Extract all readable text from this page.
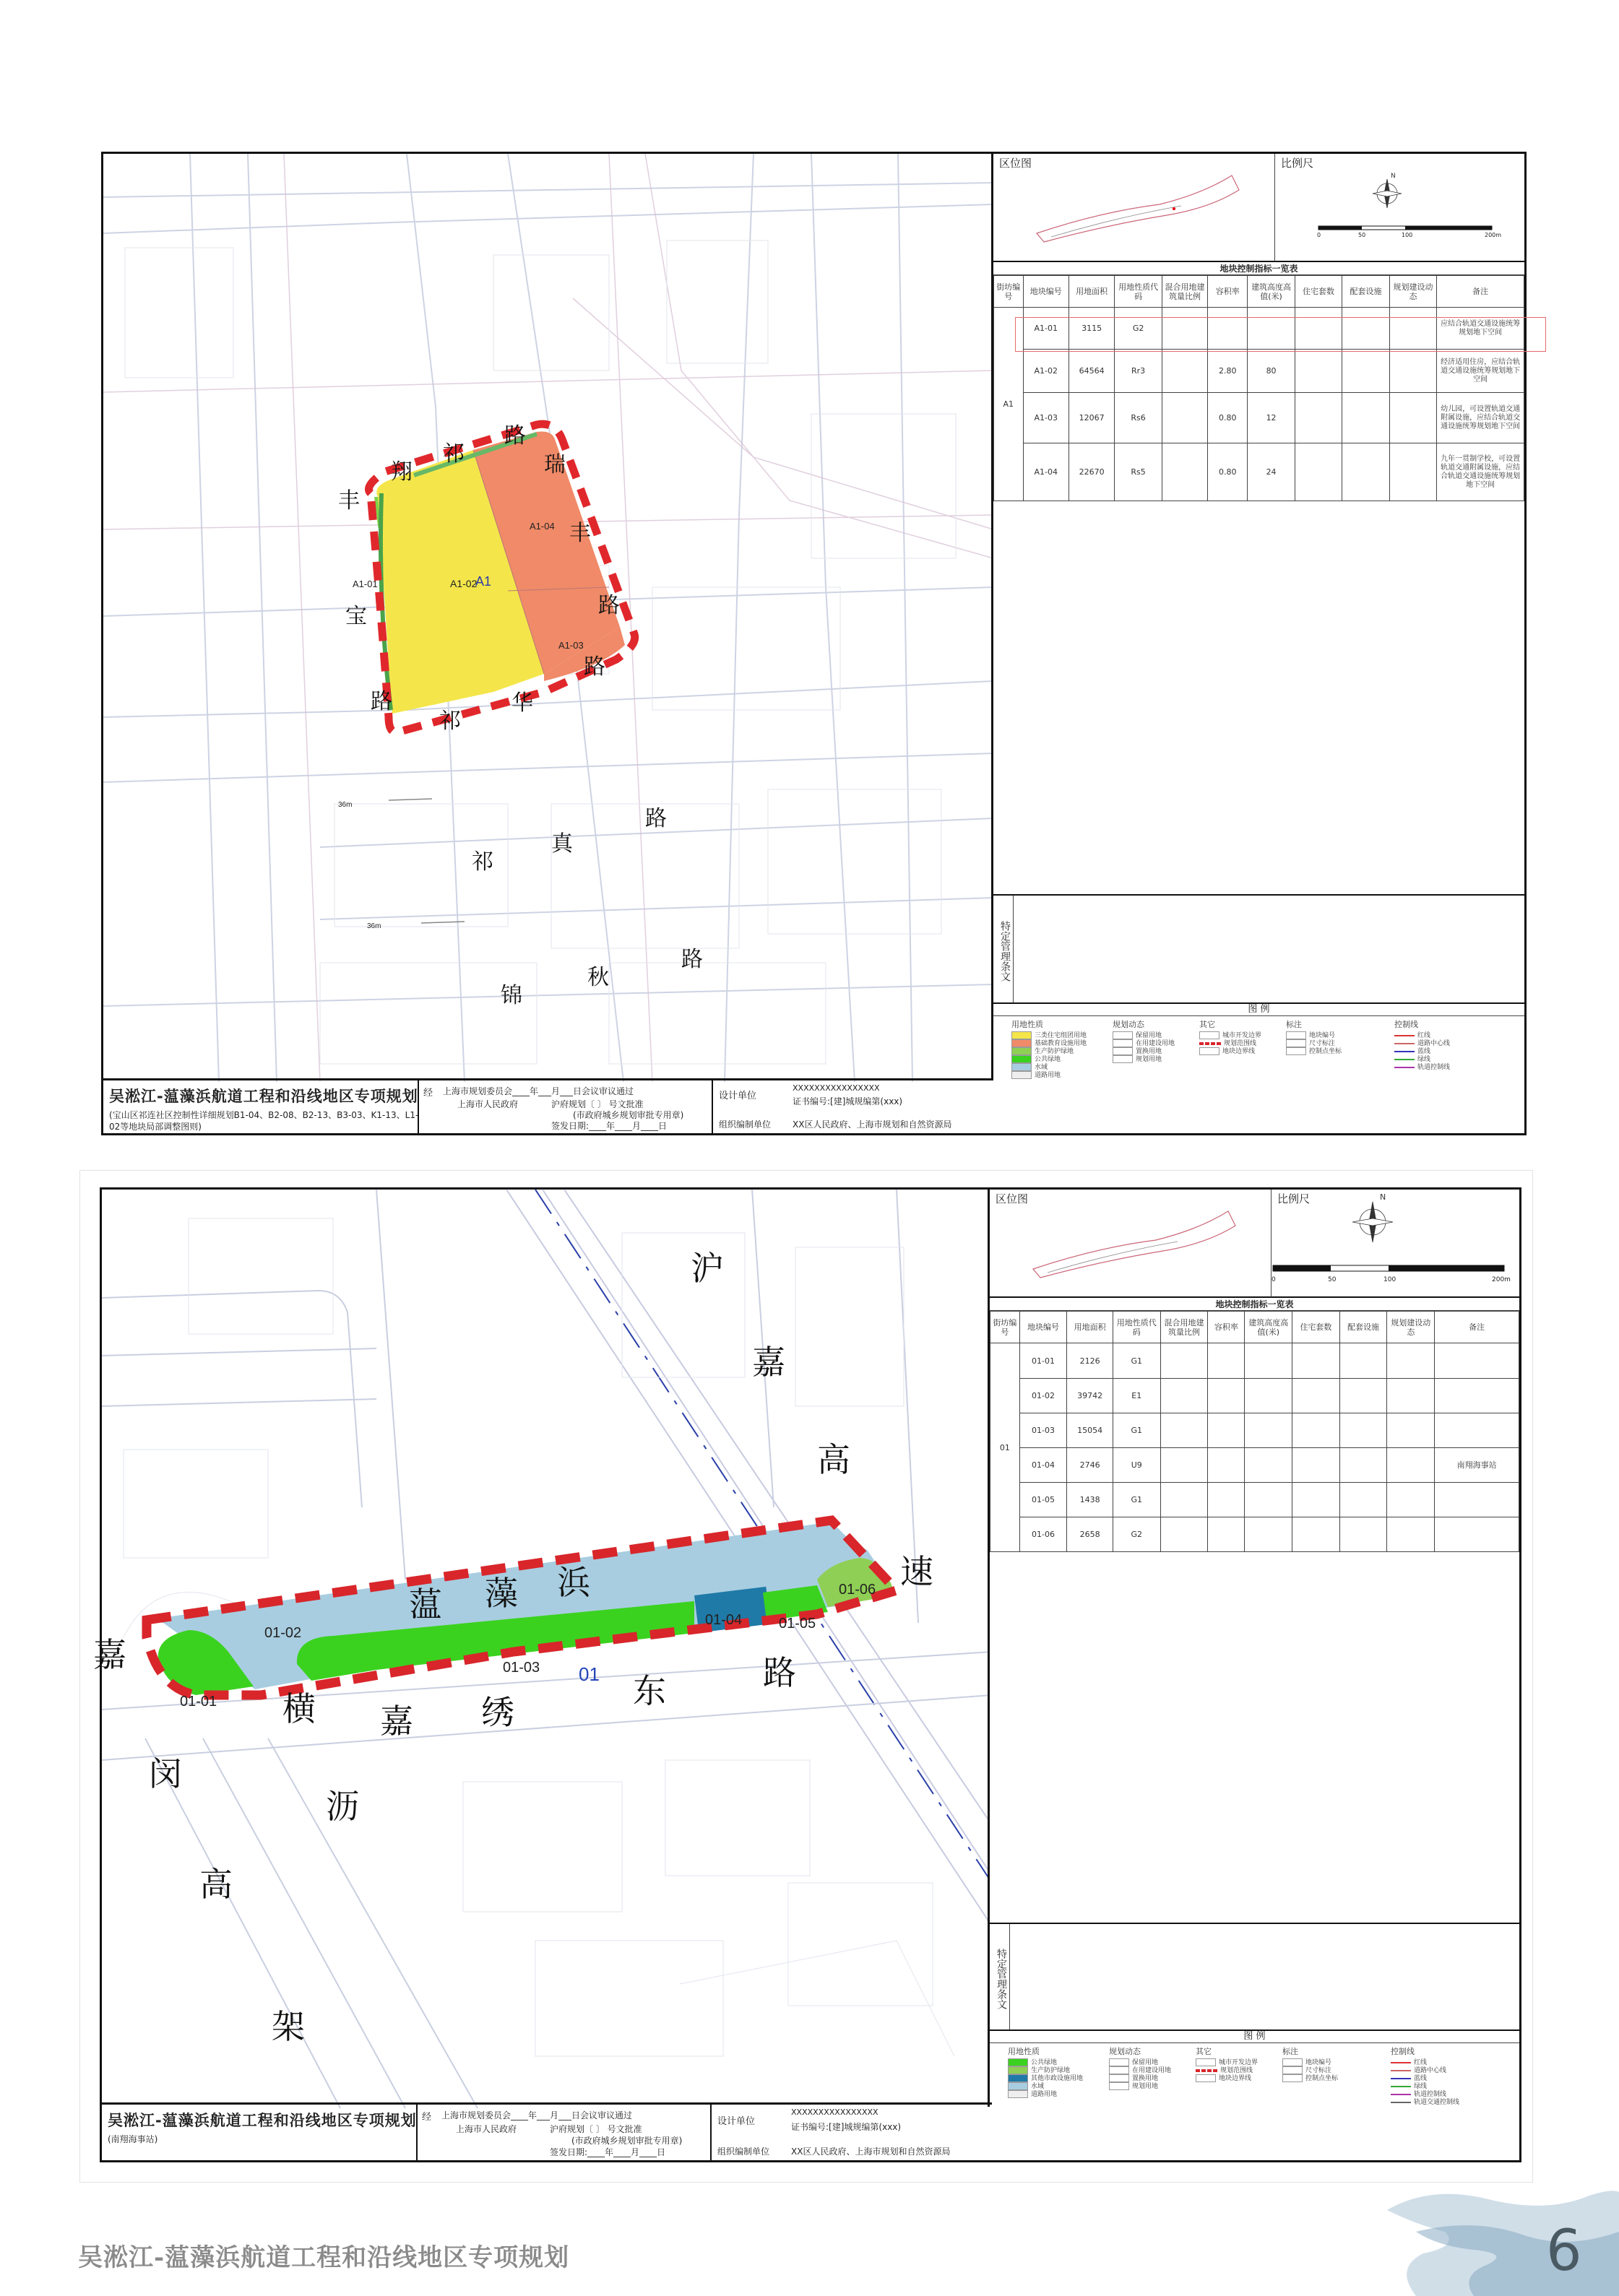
A1-02
A1-01
A1-03
A1-04
A1
36m
36m
丰
翔
祁
路
瑞
丰
路
宝
路
祁
华
路
祁
真
路
锦
秋
路
区位图	比例尺
N
0	50	100	200m
地块控制指标一览表
街坊编号	地块编号	用地面积	用地性质代码	混合用地建筑量比例	容积率	建筑高度高值(米)	住宅套数	配套设施	规划建设动态	备注
A1	A1-01	3115	G2							应结合轨道交通设施统筹规划地下空间
	A1-02	64564	Rr3		2.80	80				经济适用住房，应结合轨道交通设施统筹规划地下空间
	A1-03	12067	Rs6		0.80	12				幼儿园，可设置轨道交通附属设施，应结合轨道交通设施统筹规划地下空间
	A1-04	22670	Rs5		0.80	24				九年一贯制学校，可设置轨道交通附属设施，应结合轨道交通设施统筹规划地下空间
特定管理条文
图 例
用地性质
三类住宅组团用地
基础教育设施用地
生产防护绿地
公共绿地
水域
道路用地
规划动态
保留用地
在用建设用地
置换用地
规划用地
其它
城市开发边界
规划范围线
地块边界线
标注
地块编号
尺寸标注
控制点坐标
控制线
红线
道路中心线
蓝线
绿线
轨道控制线
吴淞江-蕰藻浜航道工程和沿线地区专项规划
(宝山区祁连社区控制性详细规划B1-04、B2-08、B2-13、B3-03、K1-13、L1-02等地块局部调整图则)
经 上海市规划委员会____年___月___日会议审议通过
上海市人民政府	沪府规划〔 〕 号文批准
(市政府城乡规划审批专用章)
签发日期:____年____月____日
设计单位
XXXXXXXXXXXXXXXX
证书编号:[建]城规编第(xxx)
组织编制单位 XX区人民政府、上海市规划和自然资源局
01-01
01-02
01-03
01-04	01-05
01-06
01
沪
嘉
高
速
蕰 藻 浜
横 嘉 绣
东	路
闵
沥
高
架
嘉
区位图	比例尺	N
0	50	100	200m
地块控制指标一览表
街坊编号	地块编号	用地面积	用地性质代码	混合用地建筑量比例	容积率	建筑高度高值(米)	住宅套数	配套设施	规划建设动态	备注
01	01-01	2126	G1							
	01-02	39742	E1							
	01-03	15054	G1							
	01-04	2746	U9							南翔海事站
	01-05	1438	G1							
	01-06	2658	G2							
特定管理条文
图 例
用地性质
公共绿地
生产防护绿地
其他市政设施用地
水域
道路用地
规划动态
保留用地
在用建设用地
置换用地
规划用地
其它
城市开发边界
规划范围线
地块边界线
标注
地块编号
尺寸标注
控制点坐标
控制线
红线
道路中心线
蓝线
绿线
轨道控制线
轨道交通控制线
吴淞江-蕰藻浜航道工程和沿线地区专项规划
(南翔海事站)
经 上海市规划委员会____年___月___日会议审议通过
上海市人民政府	沪府规划〔 〕 号文批准
(市政府城乡规划审批专用章)
签发日期:____年____月____日
设计单位
XXXXXXXXXXXXXXXX
证书编号:[建]城规编第(xxx)
组织编制单位 XX区人民政府、上海市规划和自然资源局
吴淞江-蕰藻浜航道工程和沿线地区专项规划	6
